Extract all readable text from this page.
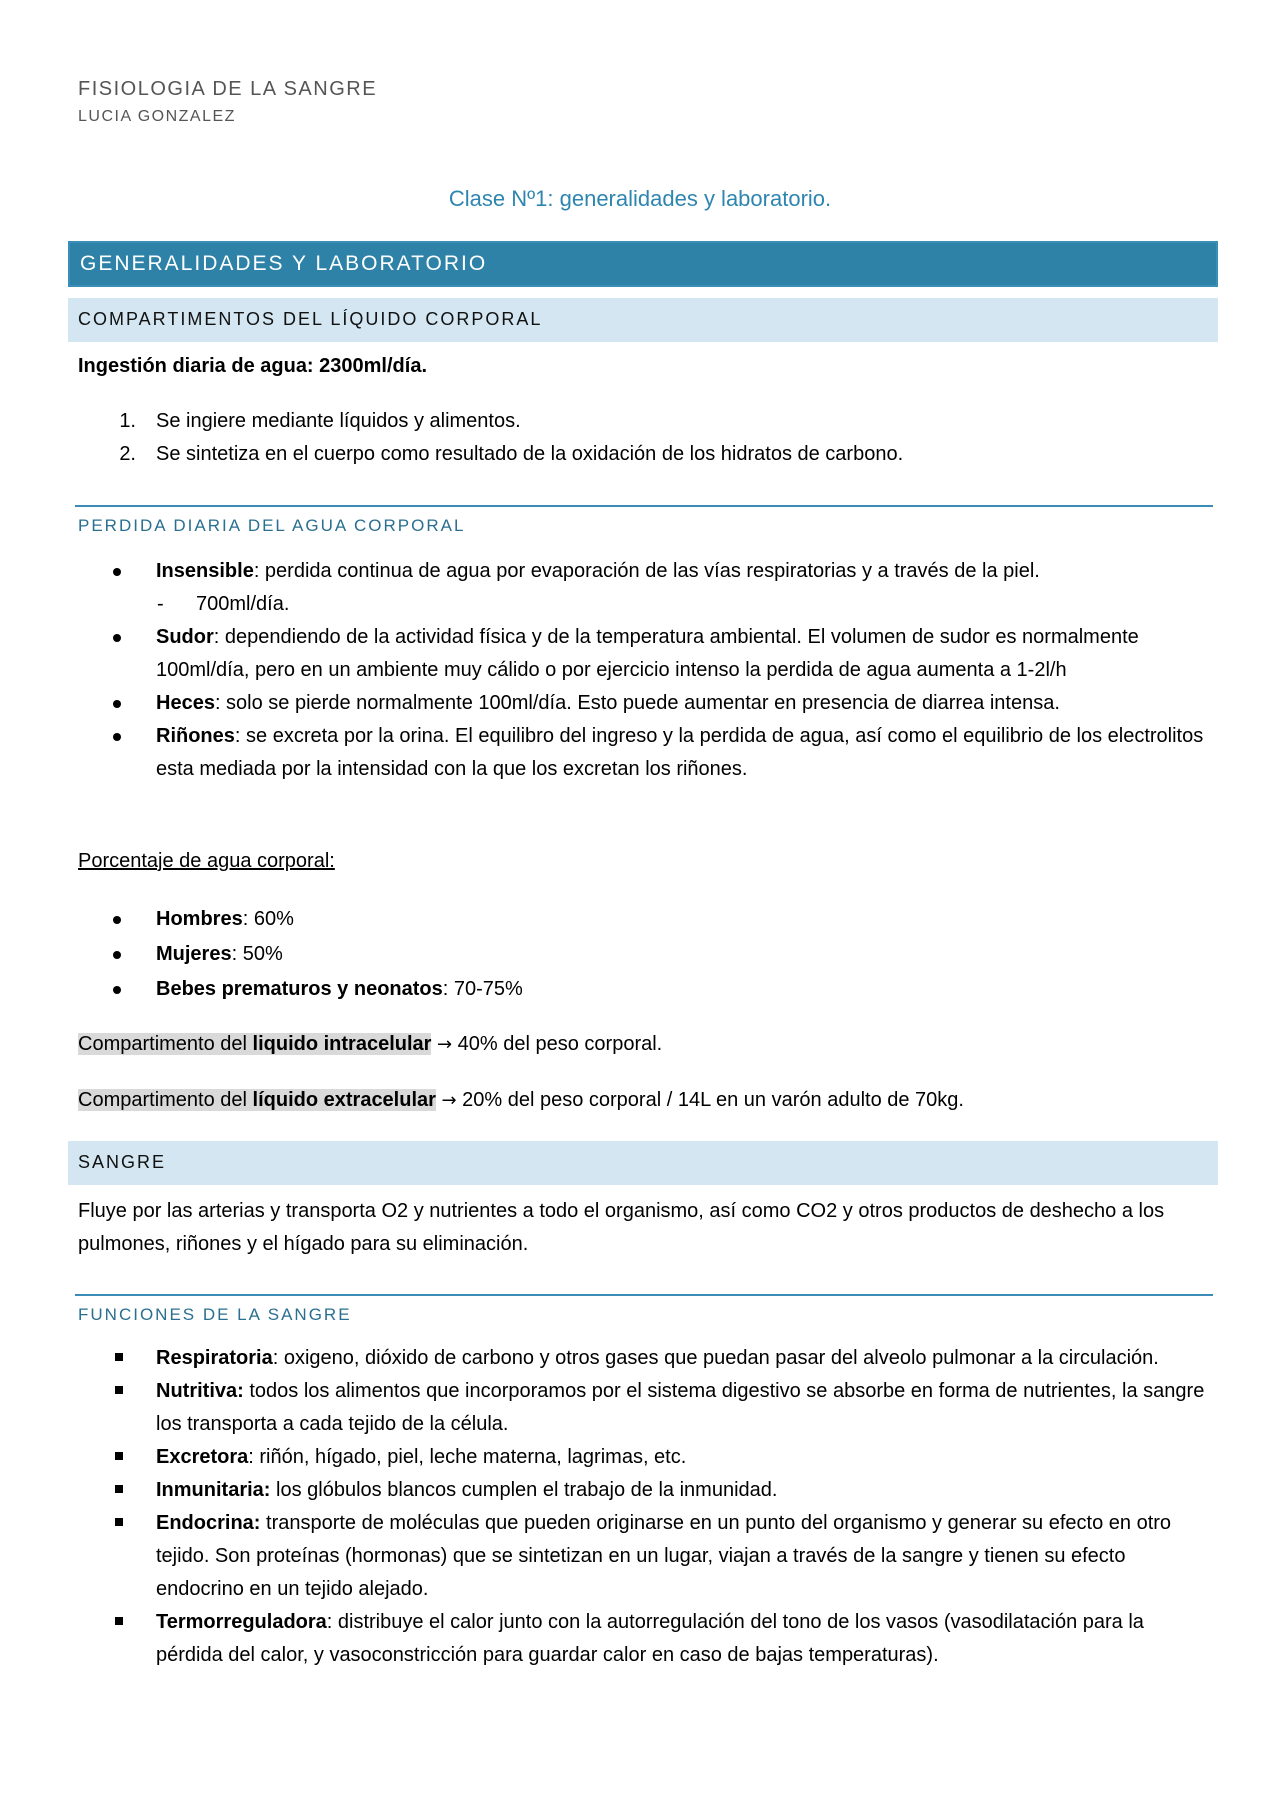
FISIOLOGIA DE LA SANGRE
LUCIA GONZALEZ
Clase Nº1: generalidades y laboratorio.
GENERALIDADES Y LABORATORIO
COMPARTIMENTOS DEL LÍQUIDO CORPORAL
Ingestión diaria de agua: 2300ml/día.
1. Se ingiere mediante líquidos y alimentos.
2. Se sintetiza en el cuerpo como resultado de la oxidación de los hidratos de carbono.
PERDIDA DIARIA DEL AGUA CORPORAL
Insensible: perdida continua de agua por evaporación de las vías respiratorias y a través de la piel.
-	700ml/día.
Sudor: dependiendo de la actividad física y de la temperatura ambiental. El volumen de sudor es normalmente 100ml/día, pero en un ambiente muy cálido o por ejercicio intenso la perdida de agua aumenta a 1-2l/h
Heces: solo se pierde normalmente 100ml/día. Esto puede aumentar en presencia de diarrea intensa.
Riñones: se excreta por la orina. El equilibro del ingreso y la perdida de agua, así como el equilibrio de los electrolitos esta mediada por la intensidad con la que los excretan los riñones.
Porcentaje de agua corporal:
Hombres: 60%
Mujeres: 50%
Bebes prematuros y neonatos: 70-75%
Compartimento del liquido intracelular → 40% del peso corporal.
Compartimento del líquido extracelular → 20% del peso corporal / 14L en un varón adulto de 70kg.
SANGRE
Fluye por las arterias y transporta O2 y nutrientes a todo el organismo, así como CO2 y otros productos de deshecho a los pulmones, riñones y el hígado para su eliminación.
FUNCIONES DE LA SANGRE
Respiratoria: oxigeno, dióxido de carbono y otros gases que puedan pasar del alveolo pulmonar a la circulación.
Nutritiva: todos los alimentos que incorporamos por el sistema digestivo se absorbe en forma de nutrientes, la sangre los transporta a cada tejido de la célula.
Excretora: riñón, hígado, piel, leche materna, lagrimas, etc.
Inmunitaria: los glóbulos blancos cumplen el trabajo de la inmunidad.
Endocrina: transporte de moléculas que pueden originarse en un punto del organismo y generar su efecto en otro tejido. Son proteínas (hormonas) que se sintetizan en un lugar, viajan a través de la sangre y tienen su efecto endocrino en un tejido alejado.
Termorreguladora: distribuye el calor junto con la autorregulación del tono de los vasos (vasodilatación para la pérdida del calor, y vasoconstricción para guardar calor en caso de bajas temperaturas).
